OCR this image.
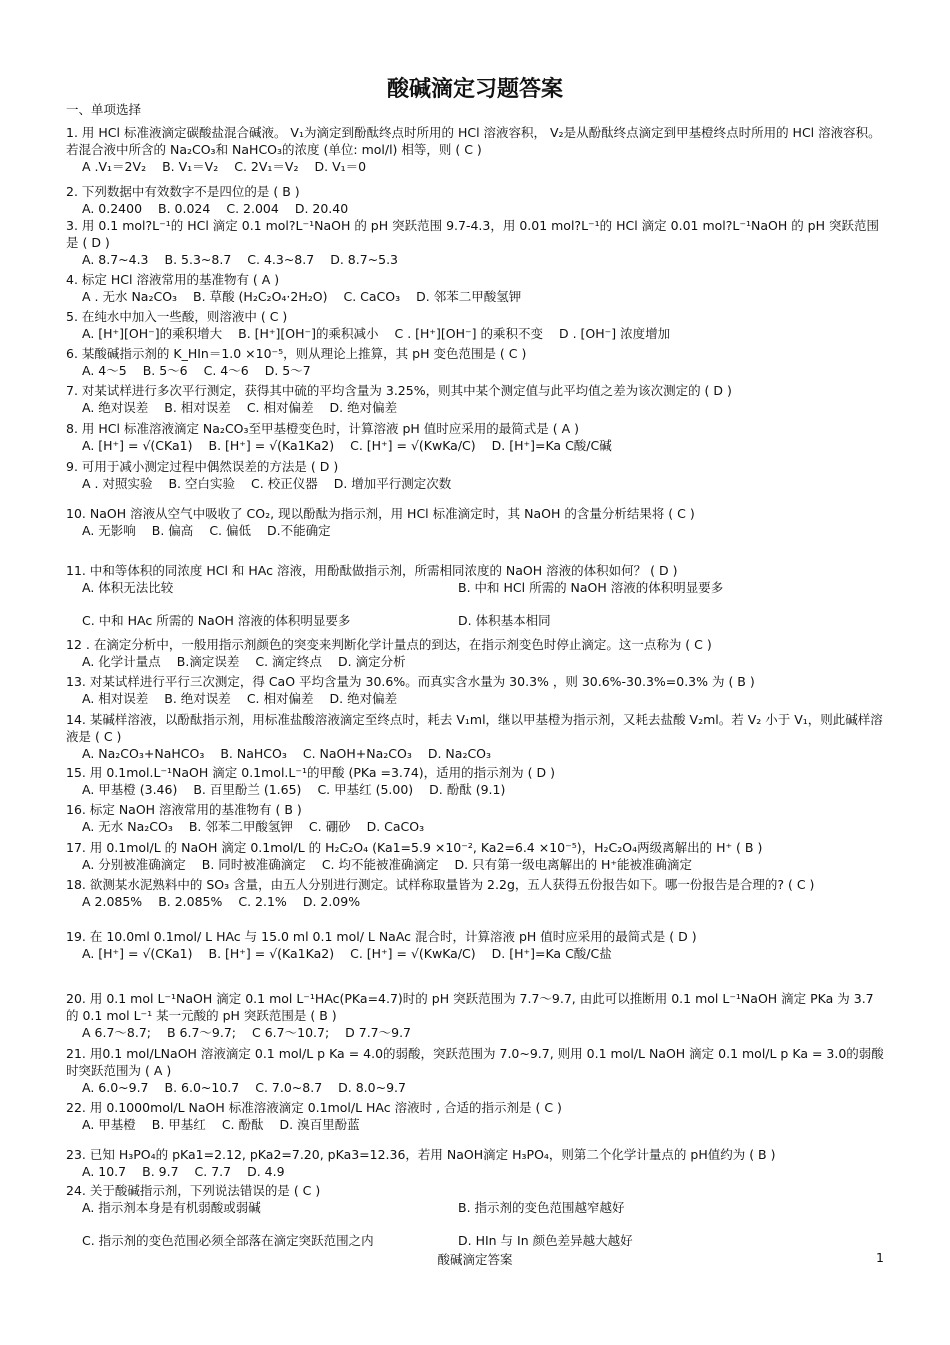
酸碱滴定习题答案
一、单项选择
1. 用 HCl 标准液滴定碳酸盐混合碱液。 V₁为滴定到酚酞终点时所用的 HCl 溶液容积， V₂是从酚酞终点滴定到甲基橙终点时所用的 HCl 溶液容积。若混合液中所含的 Na₂CO₃和 NaHCO₃的浓度 (单位: mol/l) 相等，则 ( C )
A .V₁＝2V₂ B. V₁＝V₂ C. 2V₁＝V₂ D. V₁＝0
2. 下列数据中有效数字不是四位的是 ( B )
A. 0.2400 B. 0.024 C. 2.004 D. 20.40
3. 用 0.1 mol?L⁻¹的 HCl 滴定 0.1 mol?L⁻¹NaOH 的 pH 突跃范围 9.7-4.3，用 0.01 mol?L⁻¹的 HCl 滴定 0.01 mol?L⁻¹NaOH 的 pH 突跃范围是 ( D )
A. 8.7~4.3 B. 5.3~8.7 C. 4.3~8.7 D. 8.7~5.3
4. 标定 HCl 溶液常用的基准物有 ( A )
A . 无水 Na₂CO₃ B. 草酸 (H₂C₂O₄·2H₂O) C. CaCO₃ D. 邻苯二甲酸氢钾
5. 在纯水中加入一些酸，则溶液中 ( C )
A. [H⁺][OH⁻]的乘积增大 B. [H⁺][OH⁻]的乘积减小 C . [H⁺][OH⁻] 的乘积不变 D . [OH⁻] 浓度增加
6. 某酸碱指示剂的 K_HIn＝1.0 ×10⁻⁵，则从理论上推算，其 pH 变色范围是 ( C )
A. 4～5 B. 5～6 C. 4～6 D. 5～7
7. 对某试样进行多次平行测定，获得其中硫的平均含量为 3.25%，则其中某个测定值与此平均值之差为该次测定的 ( D )
A. 绝对误差 B. 相对误差 C. 相对偏差 D. 绝对偏差
8. 用 HCl 标准溶液滴定 Na₂CO₃至甲基橙变色时，计算溶液 pH 值时应采用的最简式是 ( A )
A. [H⁺] = √(CKa1) B. [H⁺] = √(Ka1Ka2) C. [H⁺] = √(KwKa/C) D. [H⁺]=Ka C酸/C碱
9. 可用于减小测定过程中偶然误差的方法是 ( D )
A . 对照实验 B. 空白实验 C. 校正仪器 D. 增加平行测定次数
10. NaOH 溶液从空气中吸收了 CO₂, 现以酚酞为指示剂，用 HCl 标准滴定时，其 NaOH 的含量分析结果将 ( C )
A. 无影响 B. 偏高 C. 偏低 D.不能确定
11. 中和等体积的同浓度 HCl 和 HAc 溶液，用酚酞做指示剂，所需相同浓度的 NaOH 溶液的体积如何？ ( D )
A. 体积无法比较	B. 中和 HCl 所需的 NaOH 溶液的体积明显要多
C. 中和 HAc 所需的 NaOH 溶液的体积明显要多	D. 体积基本相同
12 . 在滴定分析中，一般用指示剂颜色的突变来判断化学计量点的到达，在指示剂变色时停止滴定。这一点称为 ( C )
A. 化学计量点 B.滴定误差 C. 滴定终点 D. 滴定分析
13. 对某试样进行平行三次测定，得 CaO 平均含量为 30.6%。而真实含水量为 30.3% ，则 30.6%-30.3%=0.3% 为 ( B )
A. 相对误差 B. 绝对误差 C. 相对偏差 D. 绝对偏差
14. 某碱样溶液，以酚酞指示剂，用标准盐酸溶液滴定至终点时，耗去 V₁ml，继以甲基橙为指示剂，又耗去盐酸 V₂ml。若 V₂ 小于 V₁，则此碱样溶液是 ( C )
A. Na₂CO₃+NaHCO₃ B. NaHCO₃ C. NaOH+Na₂CO₃ D. Na₂CO₃
15. 用 0.1mol.L⁻¹NaOH 滴定 0.1mol.L⁻¹的甲酸 (PKa =3.74)，适用的指示剂为 ( D )
A. 甲基橙 (3.46) B. 百里酚兰 (1.65) C. 甲基红 (5.00) D. 酚酞 (9.1)
16. 标定 NaOH 溶液常用的基准物有 ( B )
A. 无水 Na₂CO₃ B. 邻苯二甲酸氢钾 C. 硼砂 D. CaCO₃
17. 用 0.1mol/L 的 NaOH 滴定 0.1mol/L 的 H₂C₂O₄ (Ka1=5.9 ×10⁻², Ka2=6.4 ×10⁻⁵)，H₂C₂O₄两级离解出的 H⁺ ( B )
A. 分别被准确滴定 B. 同时被准确滴定 C. 均不能被准确滴定 D. 只有第一级电离解出的 H⁺能被准确滴定
18. 欲测某水泥熟料中的 SO₃ 含量，由五人分别进行测定。试样称取量皆为 2.2g，五人获得五份报告如下。哪一份报告是合理的? ( C )
A 2.085% B. 2.085% C. 2.1% D. 2.09%
19. 在 10.0ml 0.1mol/ L HAc 与 15.0 ml 0.1 mol/ L NaAc 混合时，计算溶液 pH 值时应采用的最简式是 ( D )
A. [H⁺] = √(CKa1) B. [H⁺] = √(Ka1Ka2) C. [H⁺] = √(KwKa/C) D. [H⁺]=Ka C酸/C盐
20. 用 0.1 mol L⁻¹NaOH 滴定 0.1 mol L⁻¹HAc(PKa=4.7)时的 pH 突跃范围为 7.7～9.7, 由此可以推断用 0.1 mol L⁻¹NaOH 滴定 PKa 为 3.7 的 0.1 mol L⁻¹ 某一元酸的 pH 突跃范围是 ( B )
A 6.7～8.7; B 6.7～9.7; C 6.7～10.7; D 7.7～9.7
21. 用0.1 mol/LNaOH 溶液滴定 0.1 mol/L p Ka = 4.0的弱酸，突跃范围为 7.0~9.7, 则用 0.1 mol/L NaOH 滴定 0.1 mol/L p Ka = 3.0的弱酸时突跃范围为 ( A )
A. 6.0~9.7 B. 6.0~10.7 C. 7.0~8.7 D. 8.0~9.7
22. 用 0.1000mol/L NaOH 标准溶液滴定 0.1mol/L HAc 溶液时 , 合适的指示剂是 ( C )
A. 甲基橙 B. 甲基红 C. 酚酞 D. 溴百里酚蓝
23. 已知 H₃PO₄的 pKa1=2.12, pKa2=7.20, pKa3=12.36，若用 NaOH滴定 H₃PO₄，则第二个化学计量点的 pH值约为 ( B )
A. 10.7 B. 9.7 C. 7.7 D. 4.9
24. 关于酸碱指示剂，下列说法错误的是 ( C )
A. 指示剂本身是有机弱酸或弱碱	B. 指示剂的变色范围越窄越好
C. 指示剂的变色范围必须全部落在滴定突跃范围之内	D. HIn 与 In 颜色差异越大越好
酸碱滴定答案	1
